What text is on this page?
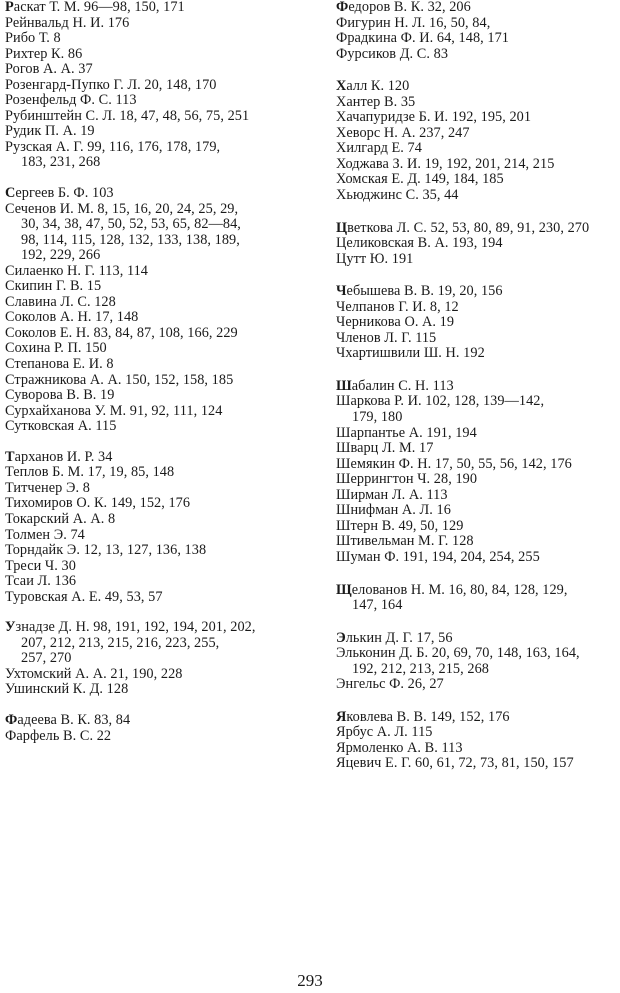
Раскат Т. М. 96—98, 150, 171
Рейнвальд Н. И. 176
Рибо Т. 8
Рихтер К. 86
Рогов А. А. 37
Розенгард-Пупко Г. Л. 20, 148, 170
Розенфельд Ф. С. 113
Рубинштейн С. Л. 18, 47, 48, 56, 75, 251
Рудик П. А. 19
Рузская А. Г. 99, 116, 176, 178, 179,
183, 231, 268
Сергеев Б. Ф. 103
Сеченов И. М. 8, 15, 16, 20, 24, 25, 29,
30, 34, 38, 47, 50, 52, 53, 65, 82—84,
98, 114, 115, 128, 132, 133, 138, 189,
192, 229, 266
Силаенко Н. Г. 113, 114
Скипин Г. В. 15
Славина Л. С. 128
Соколов А. Н. 17, 148
Соколов Е. Н. 83, 84, 87, 108, 166, 229
Сохина Р. П. 150
Степанова Е. И. 8
Стражникова А. А. 150, 152, 158, 185
Суворова В. В. 19
Сурхайханова У. М. 91, 92, 111, 124
Сутковская А. 115
Тарханов И. Р. 34
Теплов Б. М. 17, 19, 85, 148
Титченер Э. 8
Тихомиров О. К. 149, 152, 176
Токарский А. А. 8
Толмен Э. 74
Торндайк Э. 12, 13, 127, 136, 138
Треси Ч. 30
Тсаи Л. 136
Туровская А. Е. 49, 53, 57
Узнадзе Д. Н. 98, 191, 192, 194, 201, 202,
207, 212, 213, 215, 216, 223, 255,
257, 270
Ухтомский А. А. 21, 190, 228
Ушинский К. Д. 128
Фадеева В. К. 83, 84
Фарфель В. С. 22
Федоров В. К. 32, 206
Фигурин Н. Л. 16, 50, 84,
Фрадкина Ф. И. 64, 148, 171
Фурсиков Д. С. 83
Халл К. 120
Хантер В. 35
Хачапуридзе Б. И. 192, 195, 201
Хеворс Н. А. 237, 247
Хилгард Е. 74
Ходжава З. И. 19, 192, 201, 214, 215
Хомская Е. Д. 149, 184, 185
Хьюджинс С. 35, 44
Цветкова Л. С. 52, 53, 80, 89, 91, 230, 270
Целиковская В. А. 193, 194
Цутт Ю. 191
Чебышева В. В. 19, 20, 156
Челпанов Г. И. 8, 12
Черникова О. А. 19
Членов Л. Г. 115
Чхартишвили Ш. Н. 192
Шабалин С. Н. 113
Шаркова Р. И. 102, 128, 139—142,
179, 180
Шарпантье А. 191, 194
Шварц Л. М. 17
Шемякин Ф. Н. 17, 50, 55, 56, 142, 176
Шеррингтон Ч. 28, 190
Ширман Л. А. 113
Шнифман А. Л. 16
Штерн В. 49, 50, 129
Штивельман М. Г. 128
Шуман Ф. 191, 194, 204, 254, 255
Щелованов Н. М. 16, 80, 84, 128, 129,
147, 164
Элькин Д. Г. 17, 56
Эльконин Д. Б. 20, 69, 70, 148, 163, 164,
192, 212, 213, 215, 268
Энгельс Ф. 26, 27
Яковлева В. В. 149, 152, 176
Ярбус А. Л. 115
Ярмоленко А. В. 113
Яцевич Е. Г. 60, 61, 72, 73, 81, 150, 157
293
